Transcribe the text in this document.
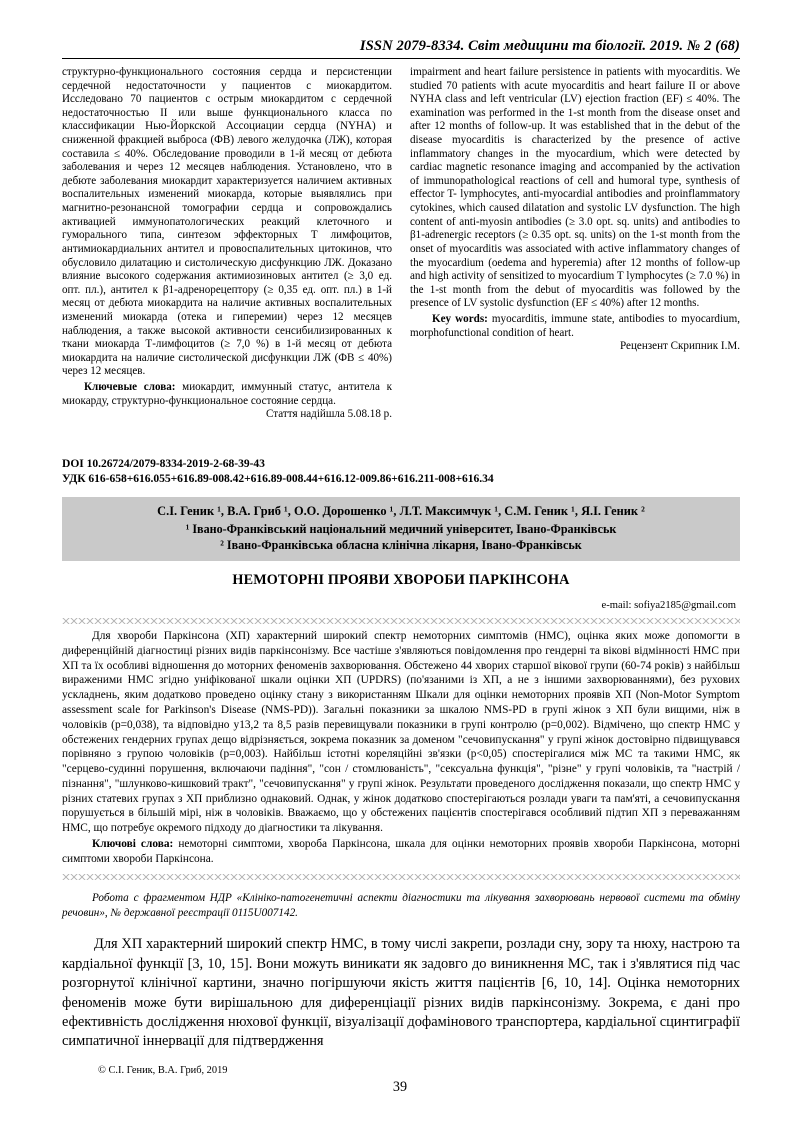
ISSN 2079-8334. Світ медицини та біології. 2019. № 2 (68)

структурно-функционального состояния сердца и персистенции сердечной недостаточности у пациентов с миокардитом. Исследовано 70 пациентов с острым миокардитом с сердечной недостаточностью II или выше функционального класса по классификации Нью-Йоркской Ассоциации сердца (NYHA) и сниженной фракцией выброса (ФВ) левого желудочка (ЛЖ), которая составила ≤ 40%. Обследование проводили в 1-й месяц от дебюта заболевания и через 12 месяцев наблюдения. Установлено, что в дебюте заболевания миокардит характеризуется наличием активных воспалительных изменений миокарда, которые выявлялись при магнитно-резонансной томографии сердца и сопровождались активацией иммунопатологических реакций клеточного и гуморального типа, синтезом эффекторных Т лимфоцитов, антимиокардиальних антител и провоспалительных цитокинов, что обусловило дилатацию и систолическую дисфункцию ЛЖ. Доказано влияние высокого содержания актимиозиновых антител (≥ 3,0 ед. опт. пл.), антител к β1-адренорецептору (≥ 0,35 ед. опт. пл.) в 1-й месяц от дебюта миокардита на наличие активных воспалительных изменений миокарда (отека и гиперемии) через 12 месяцев наблюдения, а также высокой активности сенсибилизированных к ткани миокарда Т-лимфоцитов (≥ 7,0 %) в 1-й месяц от дебюта миокардита на наличие систолической дисфункции ЛЖ (ФВ ≤ 40%) через 12 месяцев.

Ключевые слова: миокардит, иммунный статус, антитела к миокарду, структурно-функциональное состояние сердца.

Стаття надійшла 5.08.18 р.

impairment and heart failure persistence in patients with myocarditis. We studied 70 patients with acute myocarditis and heart failure II or above NYHA class and left ventricular (LV) ejection fraction (EF) ≤ 40%. The examination was performed in the 1-st month from the disease onset and after 12 months of follow-up. It was established that in the debut of the disease myocarditis is characterized by the presence of active inflammatory changes in the myocardium, which were detected by cardiac magnetic resonance imaging and accompanied by the activation of immunopathological reactions of cell and humoral type, synthesis of effector T- lymphocytes, anti-myocardial antibodies and proinflammatory cytokines, which caused dilatation and systolic LV dysfunction. The high content of anti-myosin antibodies (≥ 3.0 opt. sq. units) and antibodies to β1-adrenergic receptors (≥ 0.35 opt. sq. units) on the 1-st month from the onset of myocarditis was associated with active inflammatory changes of the myocardium (oedema and hyperemia) after 12 months of follow-up and high activity of sensitized to myocardium T lymphocytes (≥ 7.0 %) in the 1-st month from the debut of myocarditis was followed by the presence of LV systolic dysfunction (EF ≤ 40%) after 12 months.

Key words: myocarditis, immune state, antibodies to myocardium, morphofunctional condition of heart.

Рецензент Скрипник І.М.

DOI 10.26724/2079-8334-2019-2-68-39-43
УДК 616-658+616.055+616.89-008.42+616.89-008.44+616.12-009.86+616.211-008+616.34
С.І. Геник ¹, В.А. Гриб ¹, О.О. Дорошенко ¹, Л.Т. Максимчук ¹, С.М. Геник ¹, Я.І. Геник ²
¹ Івано-Франківський національний медичний університет, Івано-Франківськ
² Івано-Франківська обласна клінічна лікарня, Івано-Франківськ
НЕМОТОРНІ ПРОЯВИ ХВОРОБИ ПАРКІНСОНА
e-mail: sofiya2185@gmail.com
Для хвороби Паркінсона (ХП) характерний широкий спектр немоторних симптомів (НМС), оцінка яких може допомогти в диференційній діагностиці різних видів паркінсонізму. Все частіше з'являються повідомлення про гендерні та вікові відмінності НМС при ХП та їх особливі відношення до моторних феноменів захворювання. Обстежено 44 хворих старшої вікової групи (60-74 років) з найбільш вираженими НМС згідно уніфікованої шкали оцінки ХП (UPDRS) (по'язаними із ХП, а не з іншими захворюваннями), без рухових ускладнень, яким додатково проведено оцінку стану з використанням Шкали для оцінки немоторних проявів ХП (Non-Motor Symptom assessment scale for Parkinson's Disease (NMS-PD)). Загальні показники за шкалою NMS-PD в групі жінок з ХП були вищими, ніж в чоловіків (р=0,038), та відповідно у13,2 та 8,5 разів перевищували показники в групі контролю (р=0,002). Відмічено, що спектр НМС у обстежених гендерних групах дещо відрізняється, зокрема показник за доменом "сечовипускання" у групі жінок достовірно підвищувався порівняно з групою чоловіків (р=0,003). Найбільш істотні кореляційні зв'язки (р<0,05) спостерігалися між МС та такими НМС, як "серцево-судинні порушення, включаючи падіння", "сон / стомлюваність", "сексуальна функція", "різне" у групі чоловіків, та "настрій / пізнання", "шлунково-кишковий тракт", "сечовипускання" у групі жінок. Результати проведеного дослідження показали, що спектр НМС у різних статевих групах з ХП приблизно однаковий. Однак, у жінок додатково спостерігаються розлади уваги та пам'яті, а сечовипускання порушується в більшій мірі, ніж в чоловіків. Вважаємо, що у обстежених пацієнтів спостерігався особливий підтип ХП з переважанням НМС, що потребує окремого підходу до діагностики та лікування.
Ключові слова: немоторні симптоми, хвороба Паркінсона, шкала для оцінки немоторних проявів хвороби Паркінсона, моторні симптоми хвороби Паркінсона.
Робота с фрагментом НДР «Клініко-патогенетичні аспекти діагностики та лікування захворювань нервової системи та обміну речовин», № державної реєстрації 0115U007142.
Для ХП характерний широкий спектр НМС, в тому числі закрепи, розлади сну, зору та нюху, настрою та кардіальної функції [3, 10, 15]. Вони можуть виникати як задовго до виникнення МС, так і з'являтися під час розгорнутої клінічної картини, значно погіршуючи якість життя пацієнтів [6, 10, 14]. Оцінка немоторних феноменів може бути вирішальною для диференціації різних видів паркінсонізму. Зокрема, є дані про ефективність дослідження нюхової функції, візуалізації дофамінового транспортера, кардіальної сцинтиграфії симпатичної іннервації для підтвердження
© С.І. Геник, В.А. Гриб, 2019
39
